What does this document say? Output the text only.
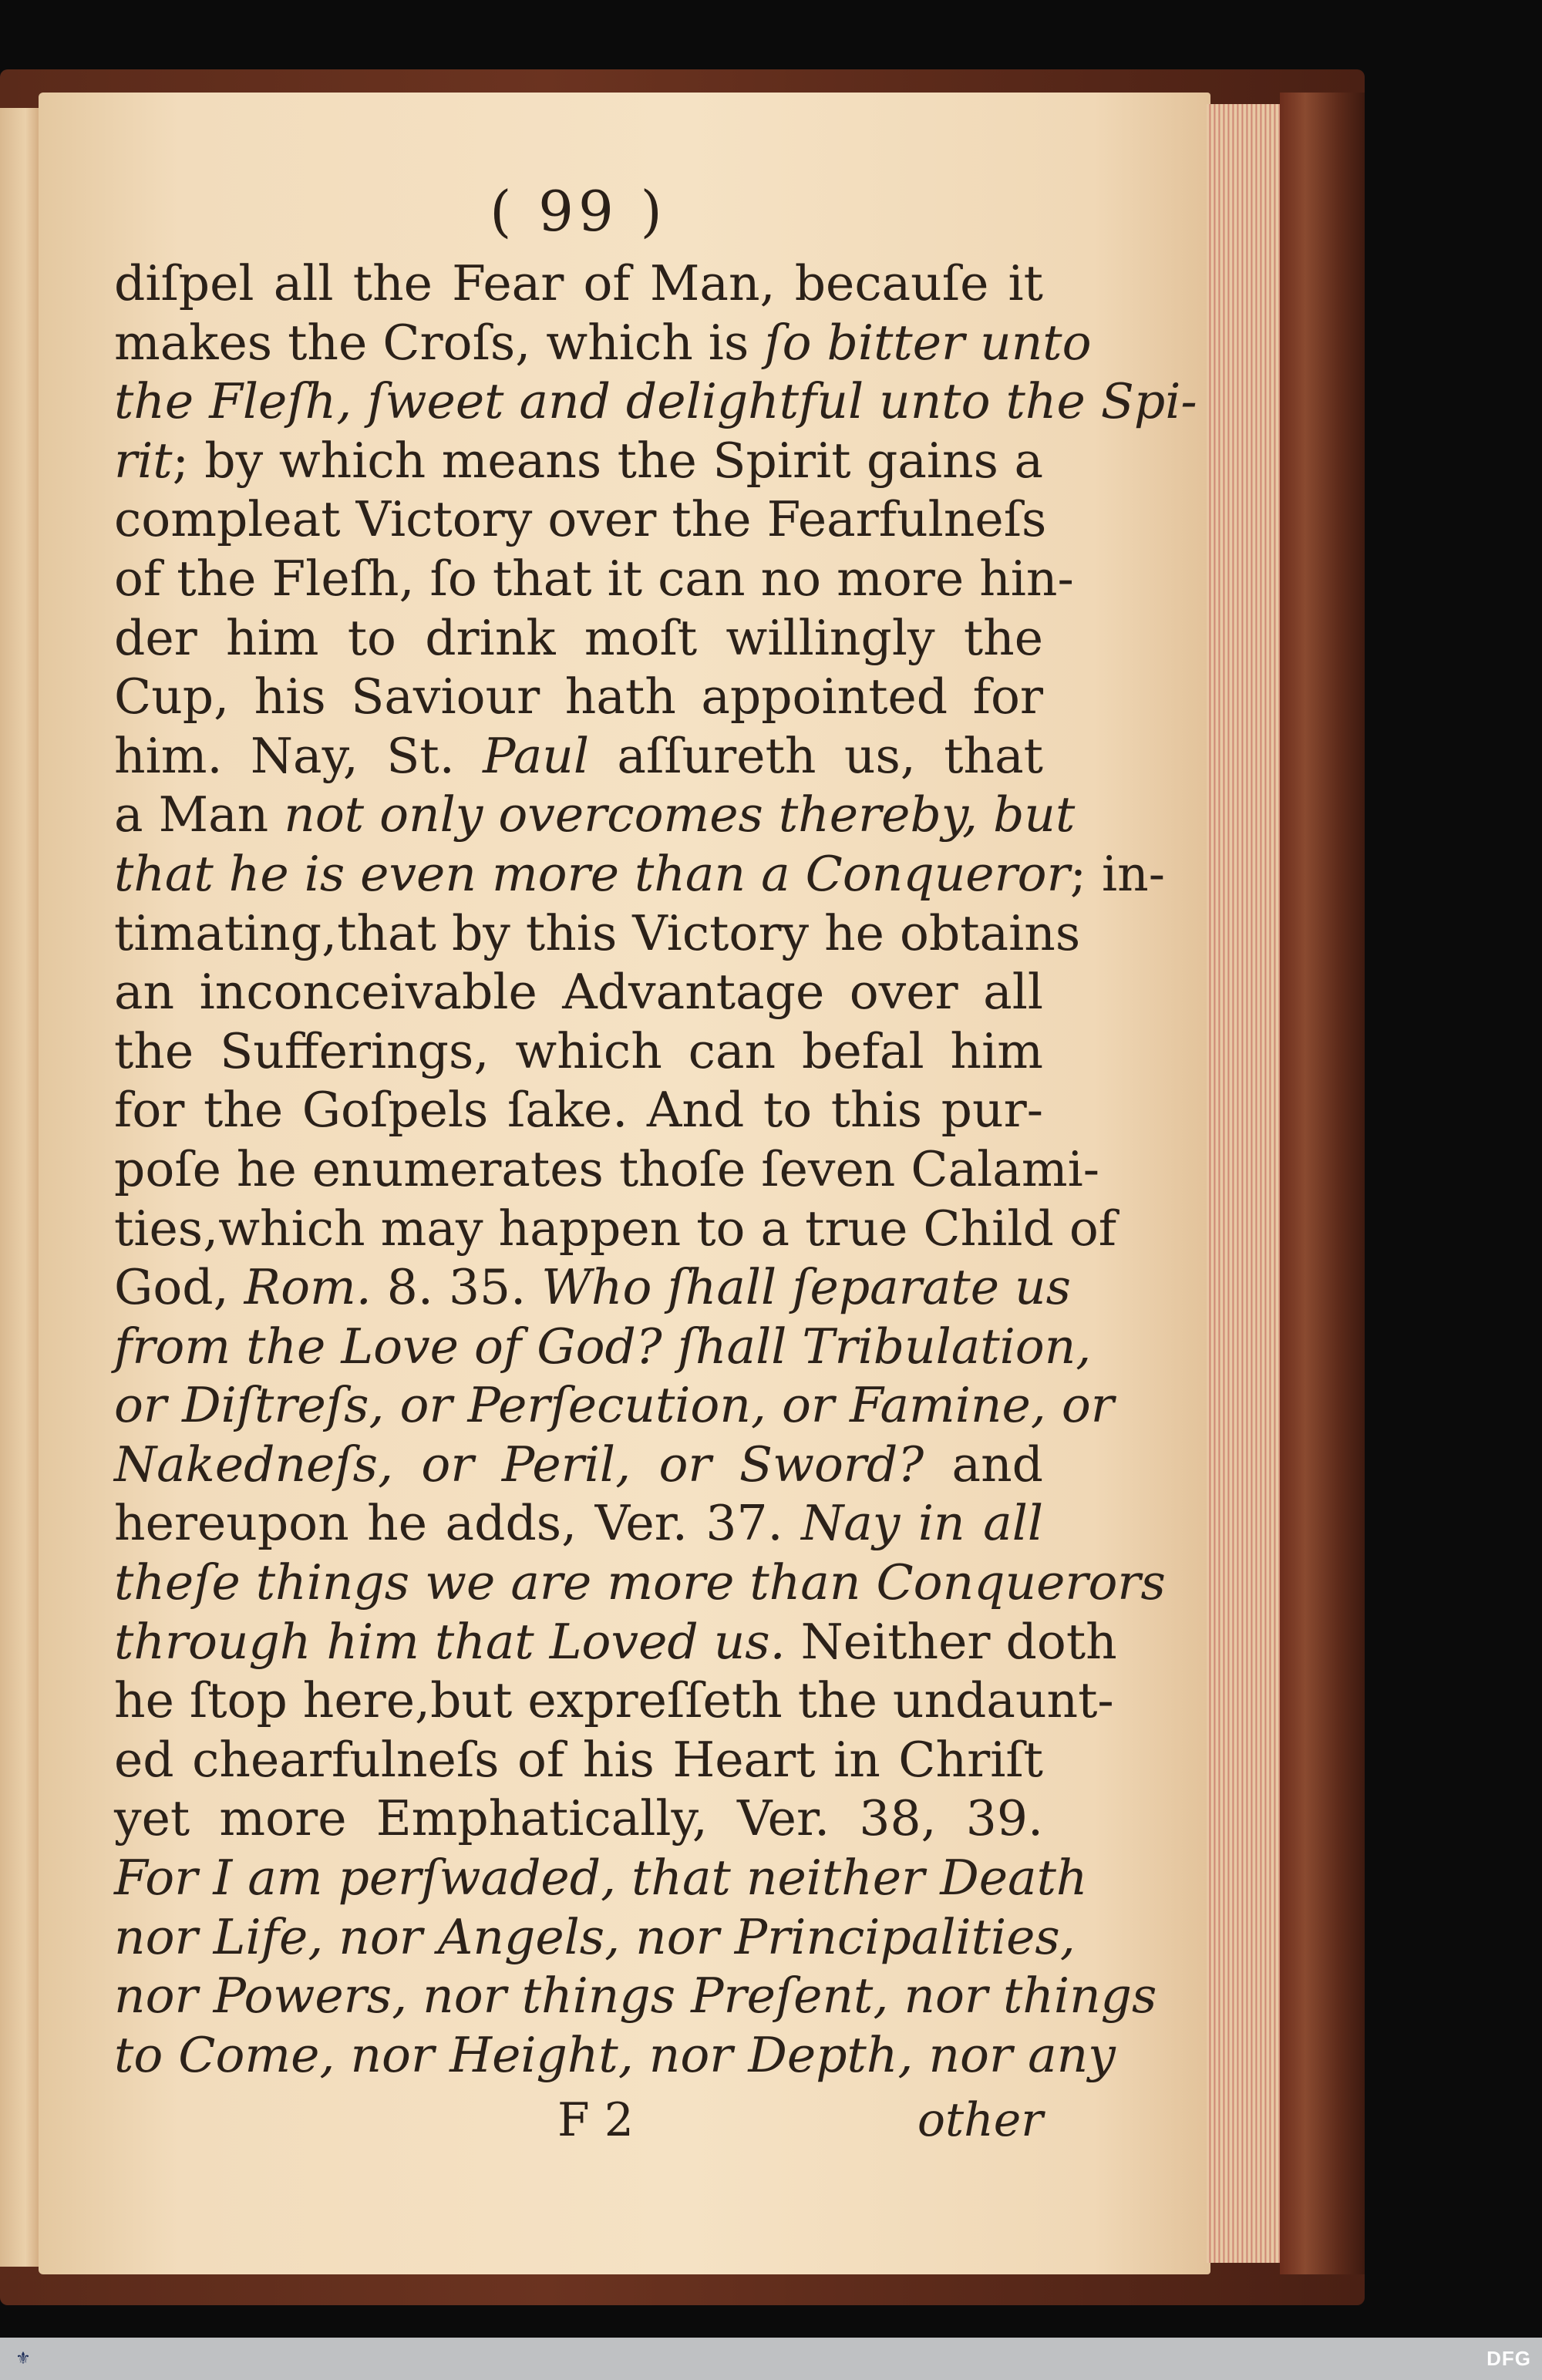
( 99 )
diſpel all the Fear of Man, becauſe it
makes the Croſs, which is ſo bitter unto
the Fleſh, ſweet and delightful unto the Spi-
rit; by which means the Spirit gains a
compleat Victory over the Fearfulneſs
of the Fleſh, ſo that it can no more hin-
der him to drink moſt willingly the
Cup, his Saviour hath appointed for
him. Nay, St. Paul aſſureth us, that
a Man not only overcomes thereby, but
that he is even more than a Conqueror; in-
timating,that by this Victory he obtains
an inconceivable Advantage over all
the Sufferings, which can befal him
for the Goſpels ſake. And to this pur-
poſe he enumerates thoſe ſeven Calami-
ties,which may happen to a true Child of
God, Rom. 8. 35. Who ſhall ſeparate us
from the Love of God? ſhall Tribulation,
or Diſtreſs, or Perſecution, or Famine, or
Nakedneſs, or Peril, or Sword? and
hereupon he adds, Ver. 37. Nay in all
theſe things we are more than Conquerors
through him that Loved us. Neither doth
he ſtop here,but expreſſeth the undaunt-
ed chearfulneſs of his Heart in Chriſt
yet more Emphatically, Ver. 38, 39.
For I am perſwaded, that neither Death
nor Life, nor Angels, nor Principalities,
nor Powers, nor things Preſent, nor things
to Come, nor Height, nor Depth, nor any
F 2	other
⚜	DFG
